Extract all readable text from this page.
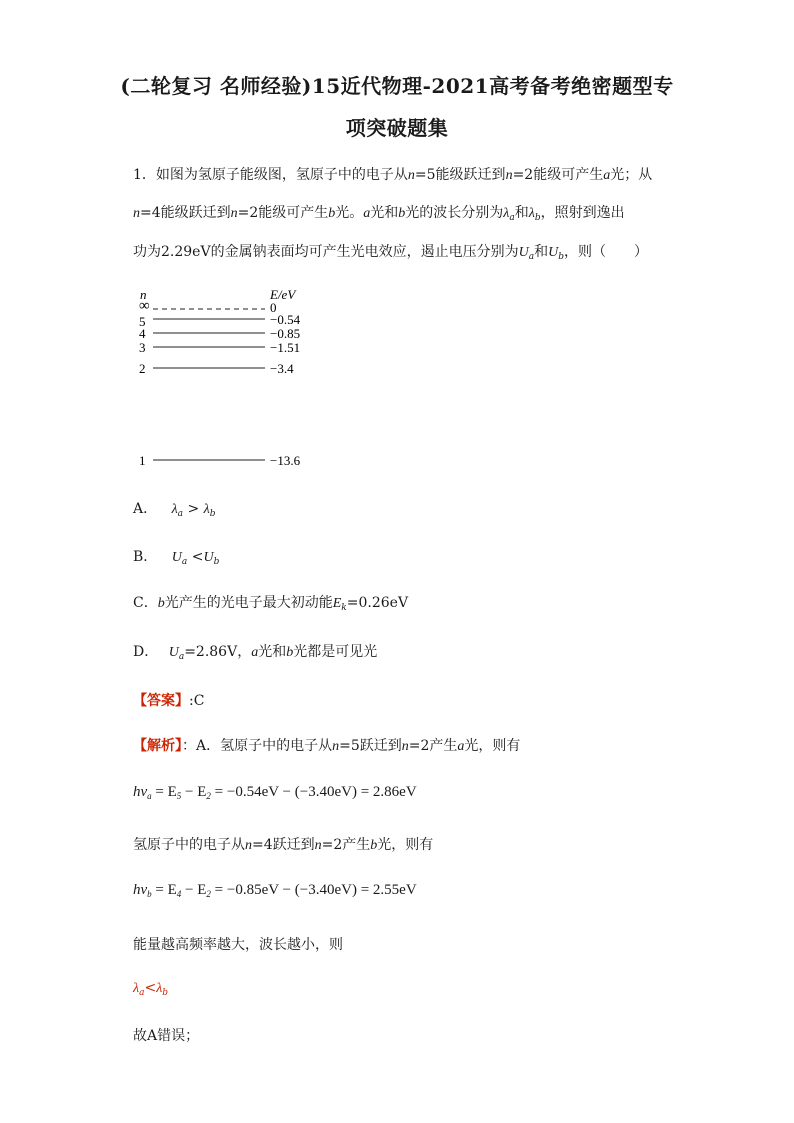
(二轮复习 名师经验)15近代物理-2021高考备考绝密题型专
项突破题集
1．如图为氢原子能级图，氢原子中的电子从n=5能级跃迁到n=2能级可产生a光；从
n=4能级跃迁到n=2能级可产生b光。a光和b光的波长分别为$\lambda_a$和$\lambda_b$，照射到逸出
功为2.29eV的金属钠表面均可产生光电效应，遏止电压分别为$U_a$和$U_b$，则（　　）
n	E/eV
∞	0
5	−0.54
4	−0.85
3	−1.51
2	−3.4
1	−13.6
A． $\lambda_a > \lambda_b$
B． $U_a <U_b$
C．b光产生的光电子最大初动能$E_k=0.26eV$
D． $U_a=2.86V$，a光和b光都是可见光
【答案】:C
【解析】：A．氢原子中的电子从n=5跃迁到n=2产生a光，则有
$h\nu_a = E_5 - E_2 = -0.54eV - (-3.40eV) = 2.86eV$
氢原子中的电子从n=4跃迁到n=2产生b光，则有
$h\nu_b = E_4 - E_2 = -0.85eV - (-3.40eV) = 2.55eV$
能量越高频率越大，波长越小，则
$\lambda_a<\lambda_b$
故A错误；
